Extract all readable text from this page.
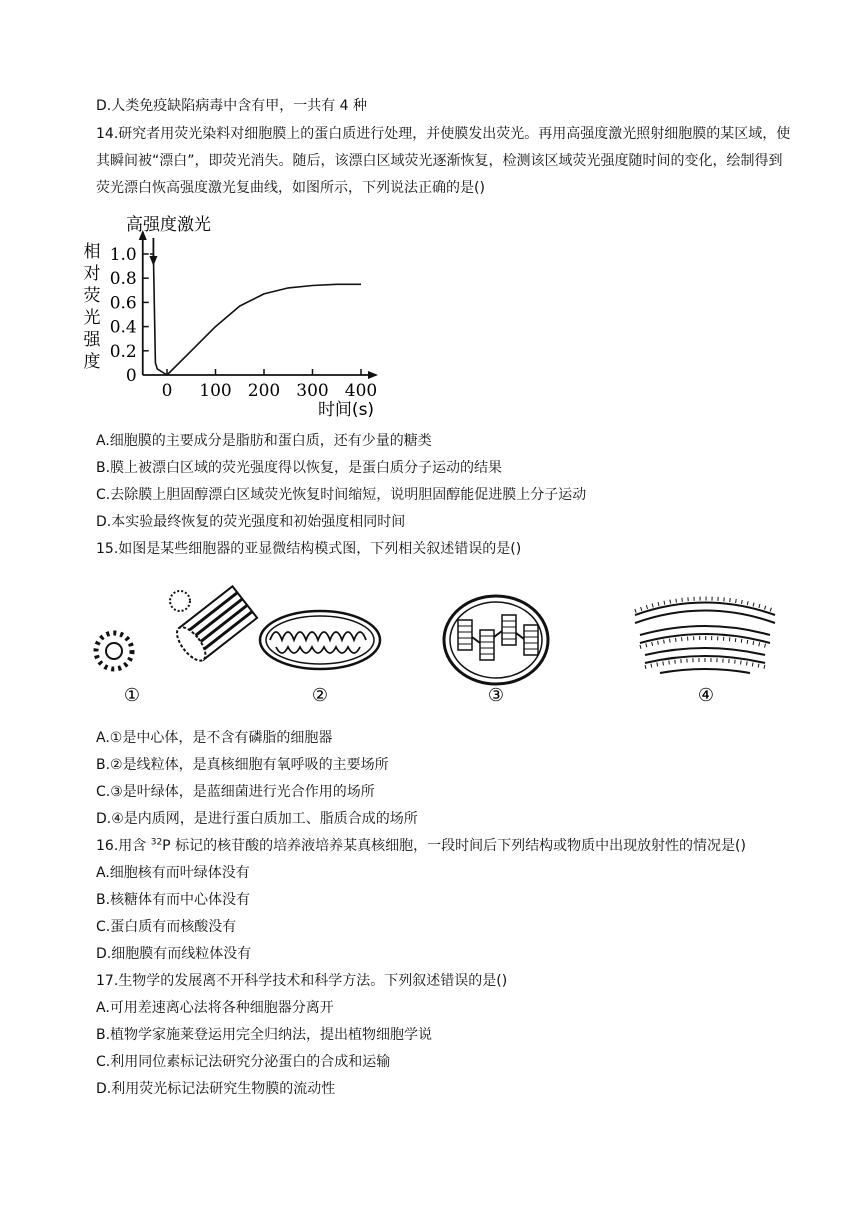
D.人类免疫缺陷病毒中含有甲，一共有 4 种
14.研究者用荧光染料对细胞膜上的蛋白质进行处理，并使膜发出荧光。再用高强度激光照射细胞膜的某区域，使其瞬间被“漂白”，即荧光消失。随后，该漂白区域荧光逐渐恢复，检测该区域荧光强度随时间的变化，绘制得到荧光漂白恢高强度激光复曲线，如图所示，下列说法正确的是()
0
0.2
0.4
0.6
0.8
1.0
0 100 200 300 400
高强度激光
相
对
荧
光
强
度
时间(s)
A.细胞膜的主要成分是脂肪和蛋白质，还有少量的糖类
B.膜上被漂白区域的荧光强度得以恢复，是蛋白质分子运动的结果
C.去除膜上胆固醇漂白区域荧光恢复时间缩短，说明胆固醇能促进膜上分子运动
D.本实验最终恢复的荧光强度和初始强度相同时间
15.如图是某些细胞器的亚显微结构模式图，下列相关叙述错误的是()
①	②	③	④
A.①是中心体，是不含有磷脂的细胞器
B.②是线粒体，是真核细胞有氧呼吸的主要场所
C.③是叶绿体，是蓝细菌进行光合作用的场所
D.④是内质网，是进行蛋白质加工、脂质合成的场所
16.用含 $^{32}$P 标记的核苷酸的培养液培养某真核细胞，一段时间后下列结构或物质中出现放射性的情况是()
A.细胞核有而叶绿体没有
B.核糖体有而中心体没有
C.蛋白质有而核酸没有
D.细胞膜有而线粒体没有
17.生物学的发展离不开科学技术和科学方法。下列叙述错误的是()
A.可用差速离心法将各种细胞器分离开
B.植物学家施莱登运用完全归纳法，提出植物细胞学说
C.利用同位素标记法研究分泌蛋白的合成和运输
D.利用荧光标记法研究生物膜的流动性
